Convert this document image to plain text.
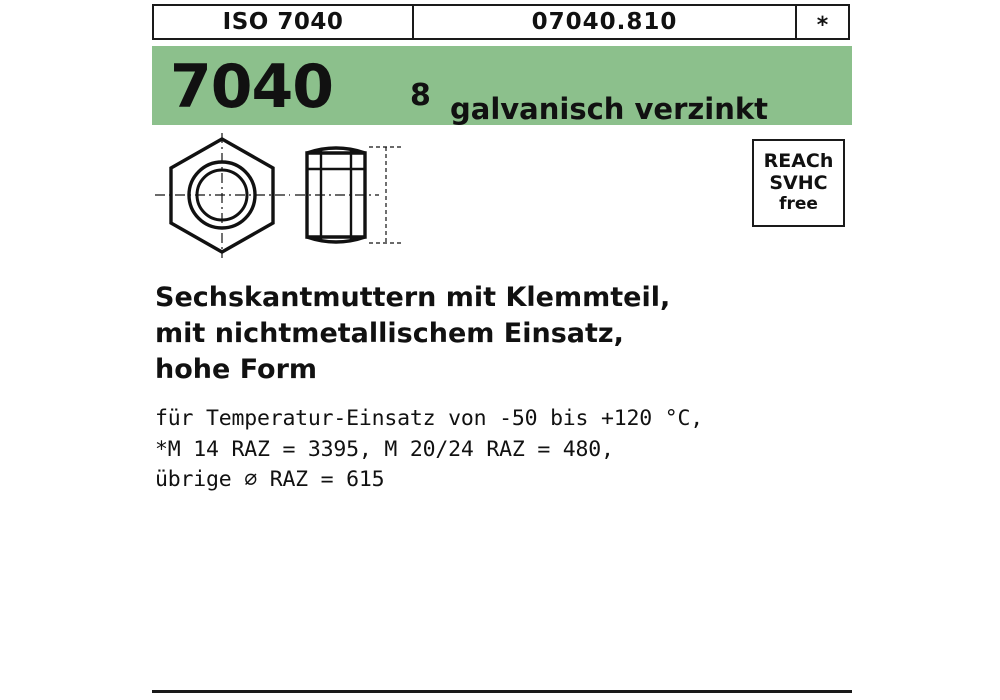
ISO 7040	07040.810	*
7040	8 galvanisch verzinkt
REACh
SVHC
free
Sechskantmuttern mit Klemmteil,
mit nichtmetallischem Einsatz,
hohe Form
für Temperatur-Einsatz von -50 bis +120 °C,
*M 14 RAZ = 3395, M 20/24 RAZ = 480,
übrige ⌀ RAZ = 615
